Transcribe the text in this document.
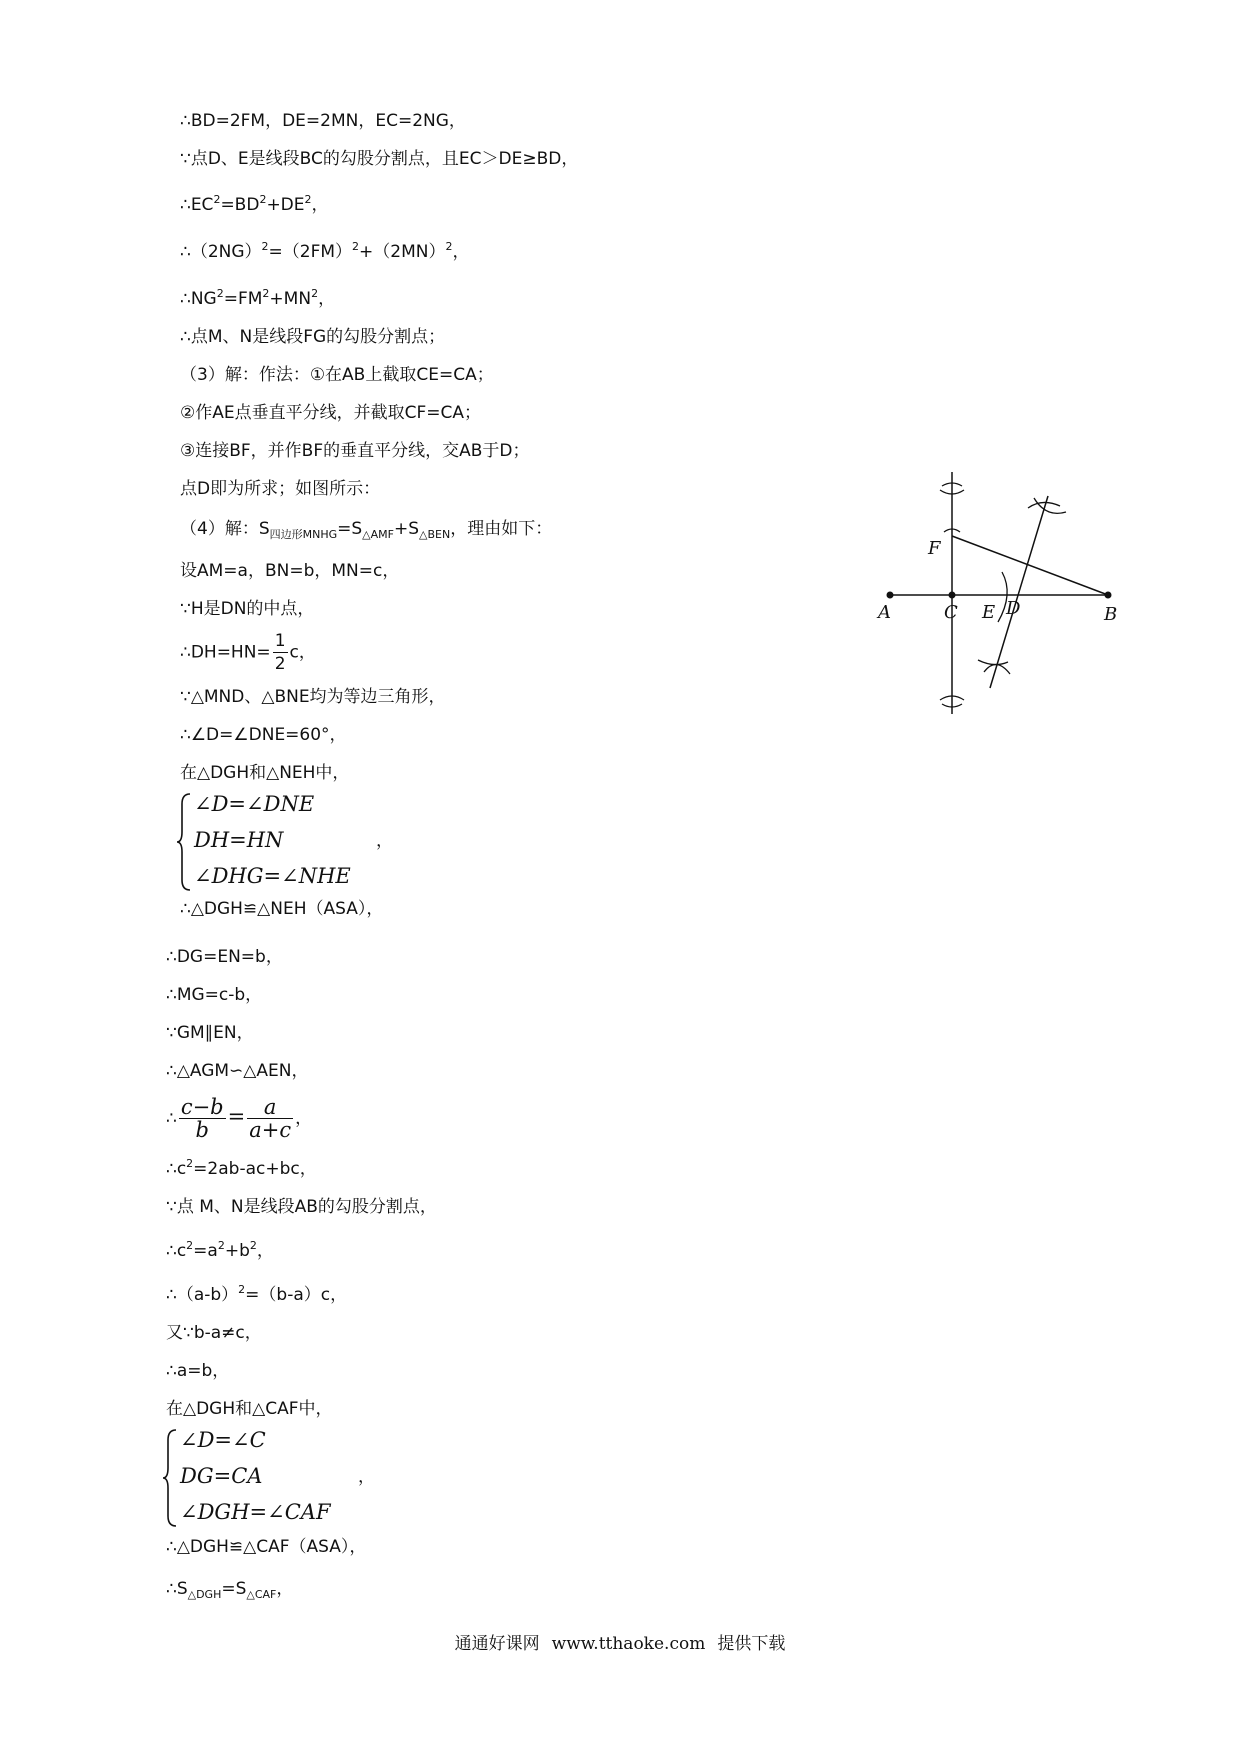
∴BD=2FM，DE=2MN，EC=2NG，
∵点D、E是线段BC的勾股分割点，且EC＞DE≥BD，
$\therefore EC^2=BD^2+DE^2$，
$\therefore(2NG)^2=(2FM)^2+(2MN)^2$，
$\therefore NG^2=FM^2+MN^2$，
∴点M、N是线段FG的勾股分割点；
（3）解：作法：①在AB上截取CE=CA；
②作AE点垂直平分线，并截取CF=CA；
③连接BF，并作BF的垂直平分线，交AB于D；
点D即为所求；如图所示：
（4）解：$S_{四边形MNHG}=S_{\triangle AMF}+S_{\triangle BEN}$，理由如下：
设AM=a，BN=b，MN=c，
∵H是DN的中点，
∴DH=HN= $\frac{1}{2}$ c，
∵△MND、△BNE均为等边三角形，
∴∠D=∠DNE=60°，
在△DGH和△NEH中，
∠D=∠DNE
DH=HN
∠DHG=∠NHE
，
∴△DGH≌△NEH（ASA），
∴DG=EN=b，
∴MG=c-b，
∵GM∥EN，
∴△AGM∽△AEN，
∴ $\frac{c-b}{b} = \frac{a}{a+c}$ ，
$\therefore c^2=2ab-ac+bc$，
∵点 M、N是线段AB的勾股分割点，
$\therefore c^2=a^2+b^2$，
$\therefore(a-b)^2=(b-a)c$，
又∵b-a≠c，
∴a=b，
在△DGH和△CAF中，
∠D=∠C
DG=CA
∠DGH=∠CAF
，
∴△DGH≌△CAF（ASA），
$\therefore S_{\triangle DGH}=S_{\triangle CAF}$，
A	C E D	B
F
通通好课网 www.tthaoke.com 提供下载
